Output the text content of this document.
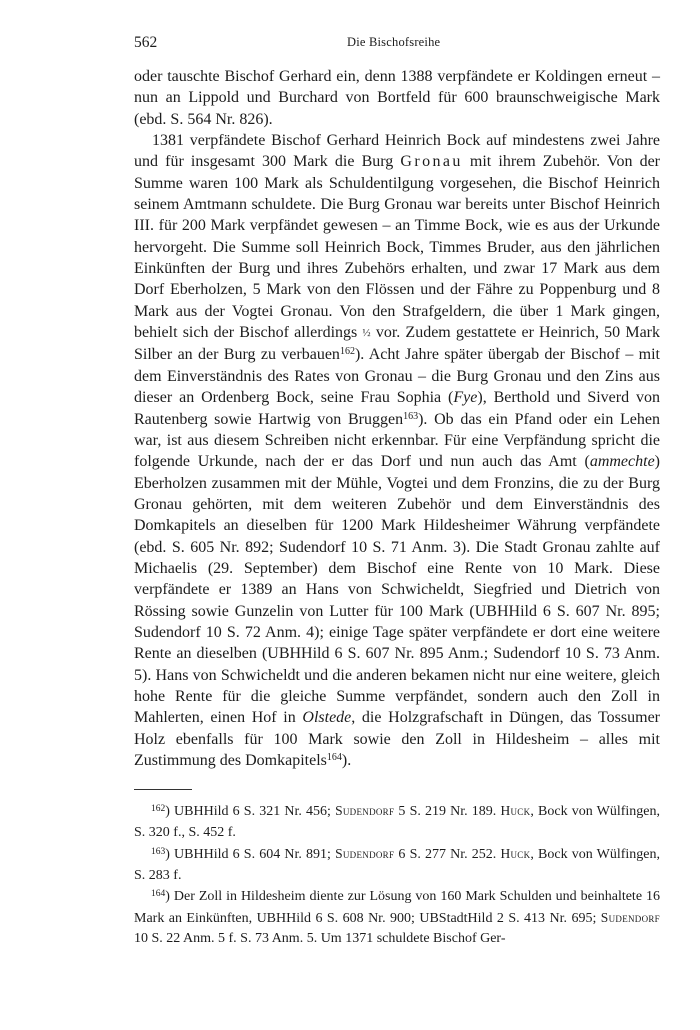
562	Die Bischofsreihe

oder tauschte Bischof Gerhard ein, denn 1388 verpfändete er Koldingen erneut – nun an Lippold und Burchard von Bortfeld für 600 braunschweigische Mark (ebd. S. 564 Nr. 826).

1381 verpfändete Bischof Gerhard Heinrich Bock auf mindestens zwei Jahre und für insgesamt 300 Mark die Burg Gronau mit ihrem Zubehör. Von der Summe waren 100 Mark als Schuldentilgung vorgesehen, die Bischof Heinrich seinem Amtmann schuldete. Die Burg Gronau war bereits unter Bischof Heinrich III. für 200 Mark verpfändet gewesen – an Timme Bock, wie es aus der Urkunde hervorgeht. Die Summe soll Heinrich Bock, Timmes Bruder, aus den jährlichen Einkünften der Burg und ihres Zubehörs erhalten, und zwar 17 Mark aus dem Dorf Eberholzen, 5 Mark von den Flössen und der Fähre zu Poppenburg und 8 Mark aus der Vogtei Gronau. Von den Strafgeldern, die über 1 Mark gingen, behielt sich der Bischof allerdings ½ vor. Zudem gestattete er Heinrich, 50 Mark Silber an der Burg zu verbauen$^{162}$). Acht Jahre später übergab der Bischof – mit dem Einverständnis des Rates von Gronau – die Burg Gronau und den Zins aus dieser an Ordenberg Bock, seine Frau Sophia (Fye), Berthold und Siverd von Rautenberg sowie Hartwig von Bruggen$^{163}$). Ob das ein Pfand oder ein Lehen war, ist aus diesem Schreiben nicht erkennbar. Für eine Verpfändung spricht die folgende Urkunde, nach der er das Dorf und nun auch das Amt (ammechte) Eberholzen zusammen mit der Mühle, Vogtei und dem Fronzins, die zu der Burg Gronau gehörten, mit dem weiteren Zubehör und dem Einverständnis des Domkapitels an dieselben für 1200 Mark Hildesheimer Währung verpfändete (ebd. S. 605 Nr. 892; Sudendorf 10 S. 71 Anm. 3). Die Stadt Gronau zahlte auf Michaelis (29. September) dem Bischof eine Rente von 10 Mark. Diese verpfändete er 1389 an Hans von Schwicheldt, Siegfried und Dietrich von Rössing sowie Gunzelin von Lutter für 100 Mark (UBHHild 6 S. 607 Nr. 895; Sudendorf 10 S. 72 Anm. 4); einige Tage später verpfändete er dort eine weitere Rente an dieselben (UBHHild 6 S. 607 Nr. 895 Anm.; Sudendorf 10 S. 73 Anm. 5). Hans von Schwicheldt und die anderen bekamen nicht nur eine weitere, gleich hohe Rente für die gleiche Summe verpfändet, sondern auch den Zoll in Mahlerten, einen Hof in Olstede, die Holzgrafschaft in Düngen, das Tossumer Holz ebenfalls für 100 Mark sowie den Zoll in Hildesheim – alles mit Zustimmung des Domkapitels$^{164}$).

$^{162}$) UBHHild 6 S. 321 Nr. 456; Sudendorf 5 S. 219 Nr. 189. Huck, Bock von Wülfingen, S. 320 f., S. 452 f.

$^{163}$) UBHHild 6 S. 604 Nr. 891; Sudendorf 6 S. 277 Nr. 252. Huck, Bock von Wülfingen, S. 283 f.

$^{164}$) Der Zoll in Hildesheim diente zur Lösung von 160 Mark Schulden und beinhaltete 16 Mark an Einkünften, UBHHild 6 S. 608 Nr. 900; UBStadtHild 2 S. 413 Nr. 695; Sudendorf 10 S. 22 Anm. 5 f. S. 73 Anm. 5. Um 1371 schuldete Bischof Ger-
